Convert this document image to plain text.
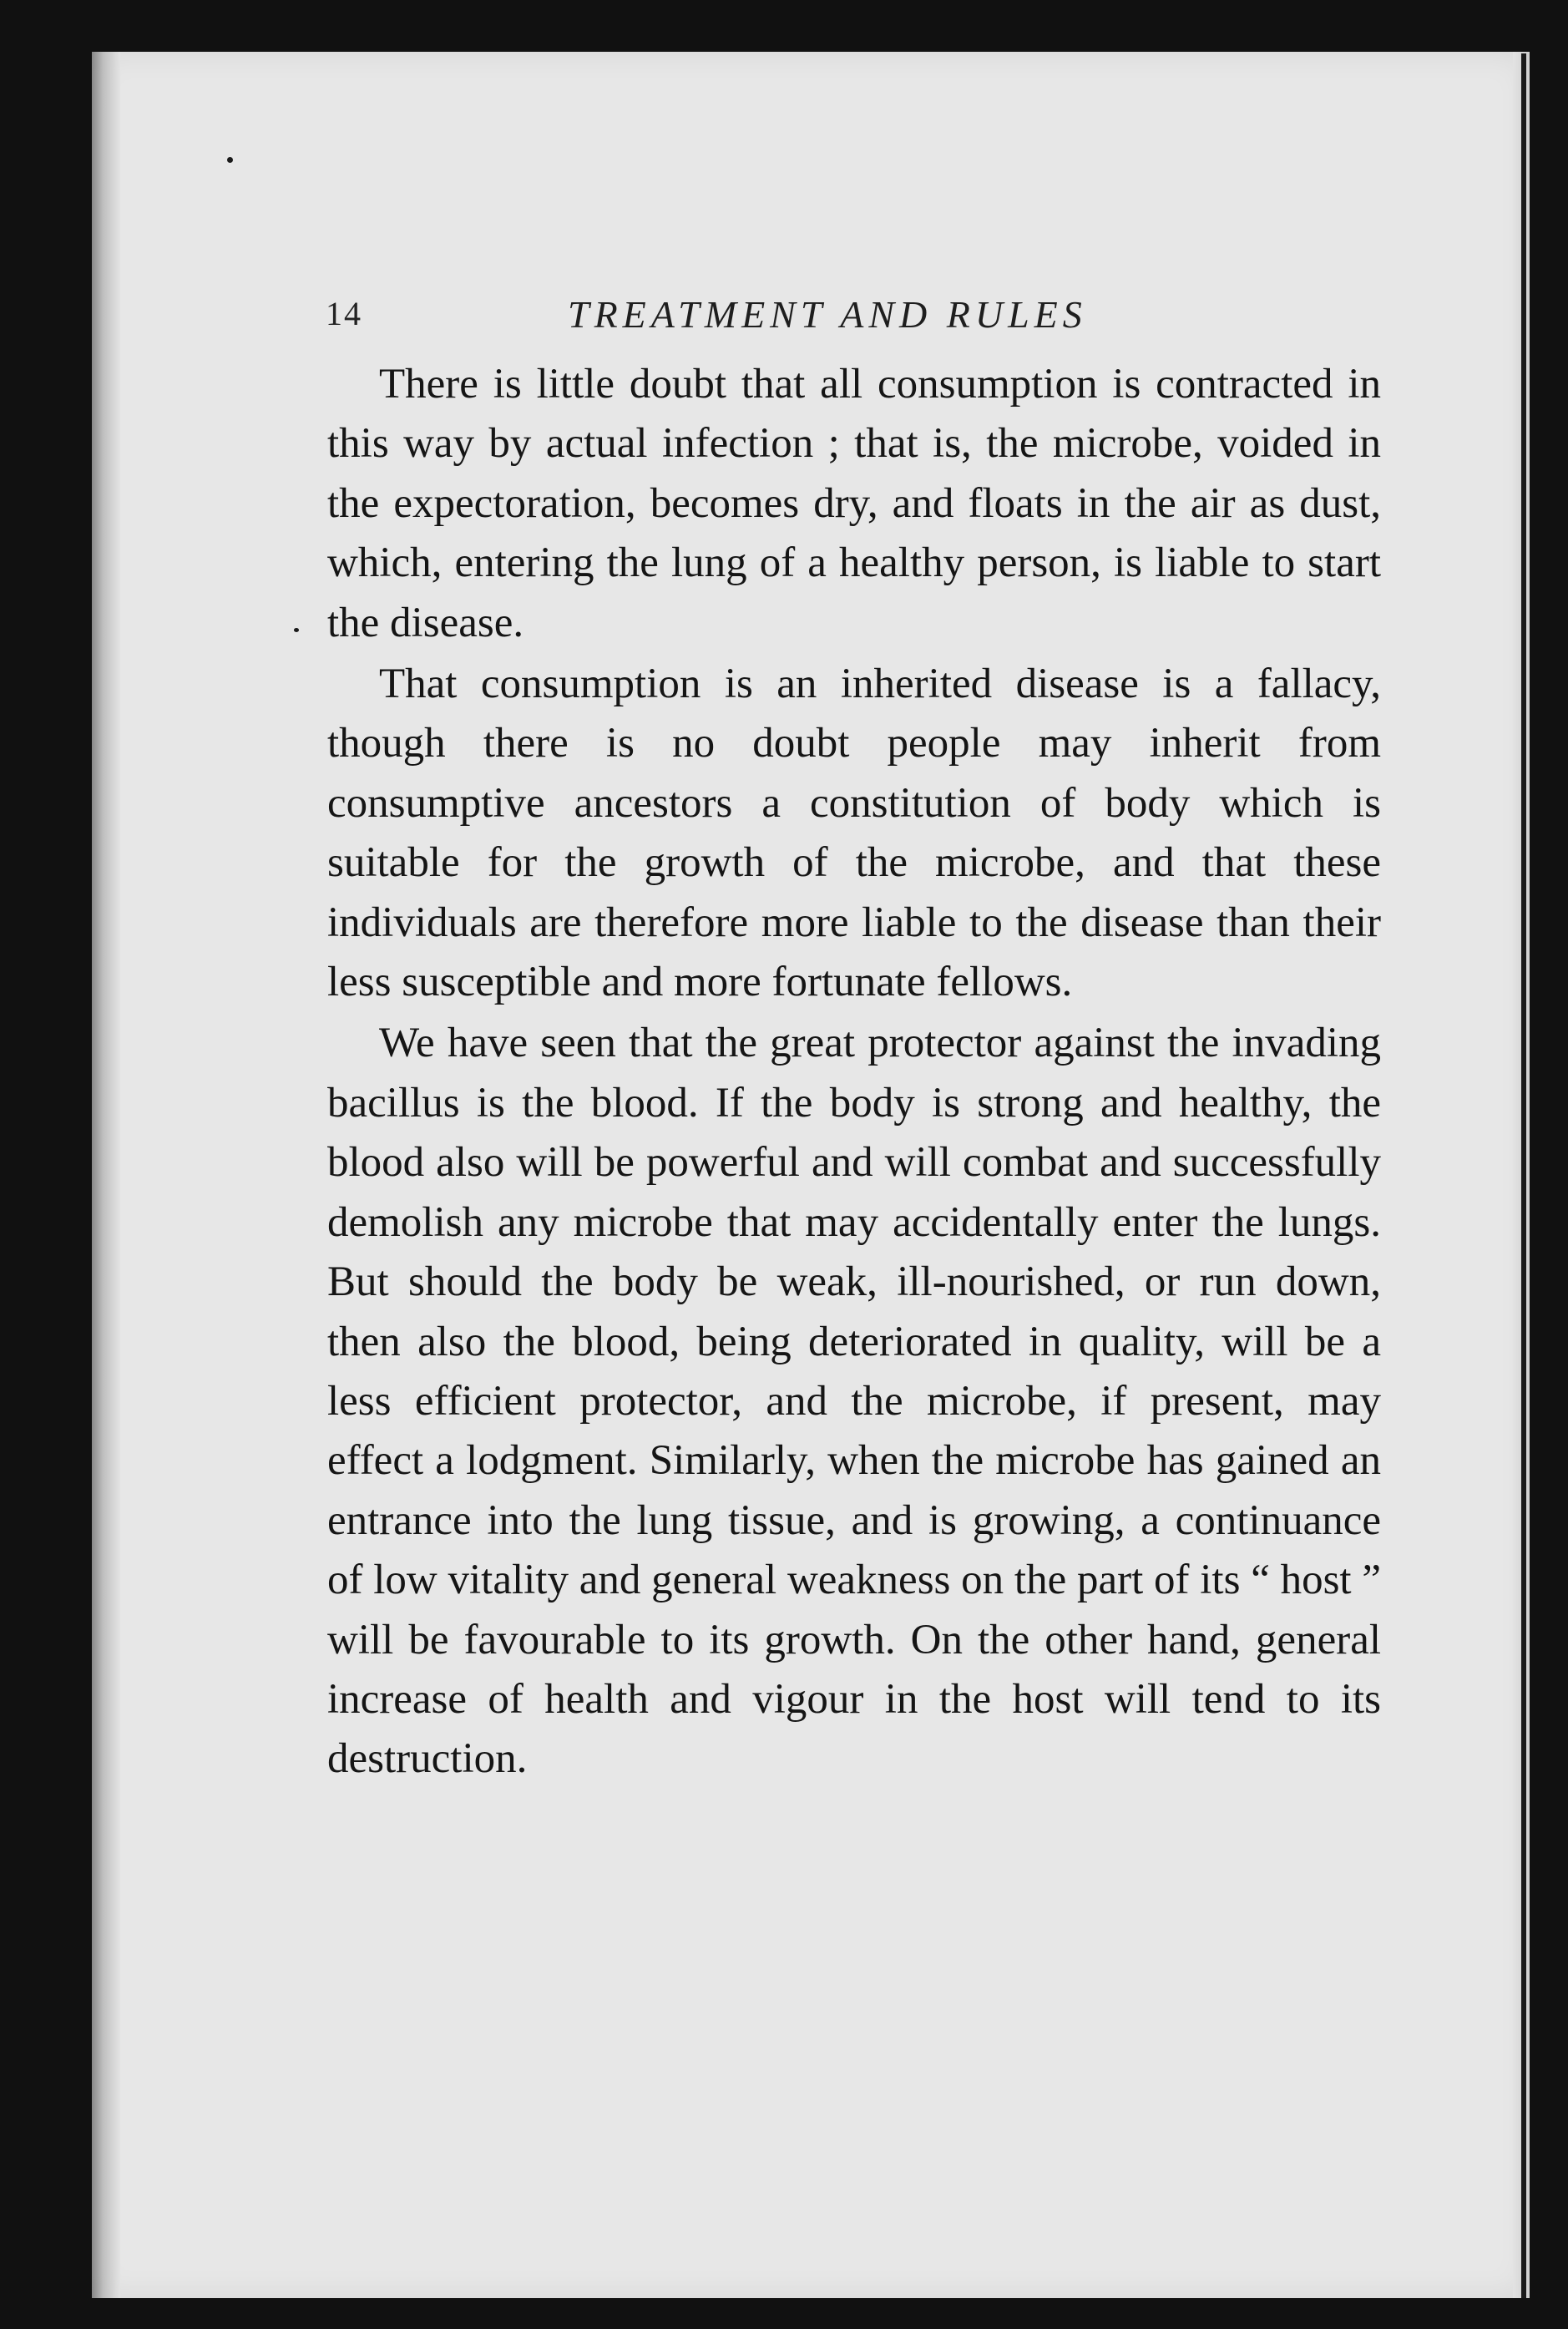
14	TREATMENT AND RULES

There is little doubt that all consumption is contracted in this way by actual infection ; that is, the microbe, voided in the expectoration, becomes dry, and floats in the air as dust, which, entering the lung of a healthy person, is liable to start the disease.

That consumption is an inherited disease is a fallacy, though there is no doubt people may inherit from consumptive ancestors a constitution of body which is suitable for the growth of the microbe, and that these individuals are therefore more liable to the disease than their less susceptible and more fortunate fellows.

We have seen that the great protector against the invading bacillus is the blood. If the body is strong and healthy, the blood also will be powerful and will combat and successfully demolish any microbe that may accidentally enter the lungs. But should the body be weak, ill-nourished, or run down, then also the blood, being deteriorated in quality, will be a less efficient protector, and the microbe, if present, may effect a lodgment. Similarly, when the microbe has gained an entrance into the lung tissue, and is growing, a continuance of low vitality and general weakness on the part of its “ host ” will be favourable to its growth. On the other hand, general increase of health and vigour in the host will tend to its destruction.
